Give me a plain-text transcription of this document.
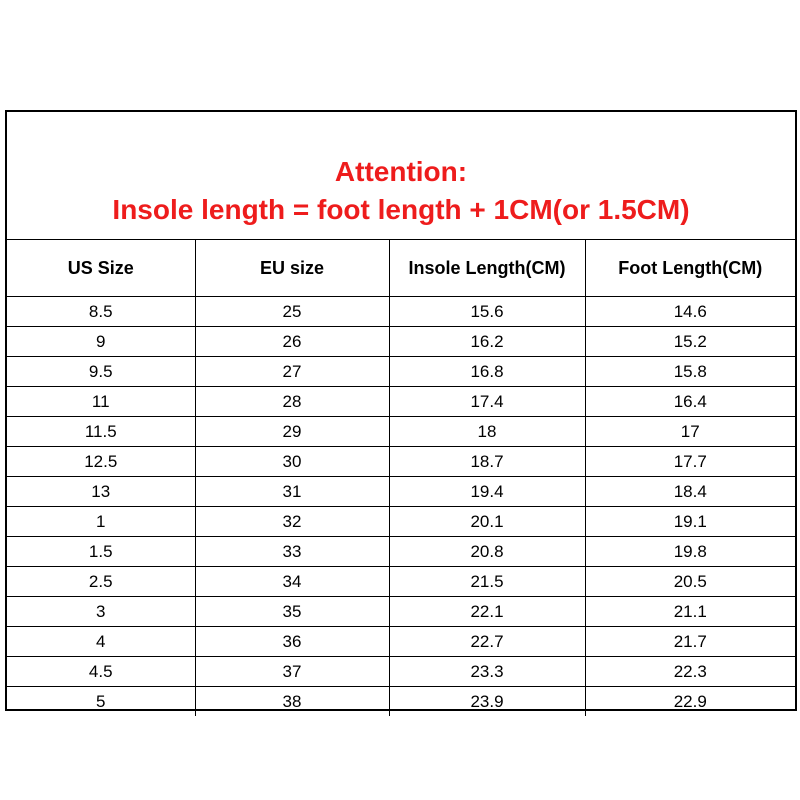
Attention:
Insole length = foot length + 1CM(or 1.5CM)
US Size	EU size	Insole Length(CM)	Foot Length(CM)
8.5	25	15.6	14.6
9	26	16.2	15.2
9.5	27	16.8	15.8
11	28	17.4	16.4
11.5	29	18	17
12.5	30	18.7	17.7
13	31	19.4	18.4
1	32	20.1	19.1
1.5	33	20.8	19.8
2.5	34	21.5	20.5
3	35	22.1	21.1
4	36	22.7	21.7
4.5	37	23.3	22.3
5	38	23.9	22.9
